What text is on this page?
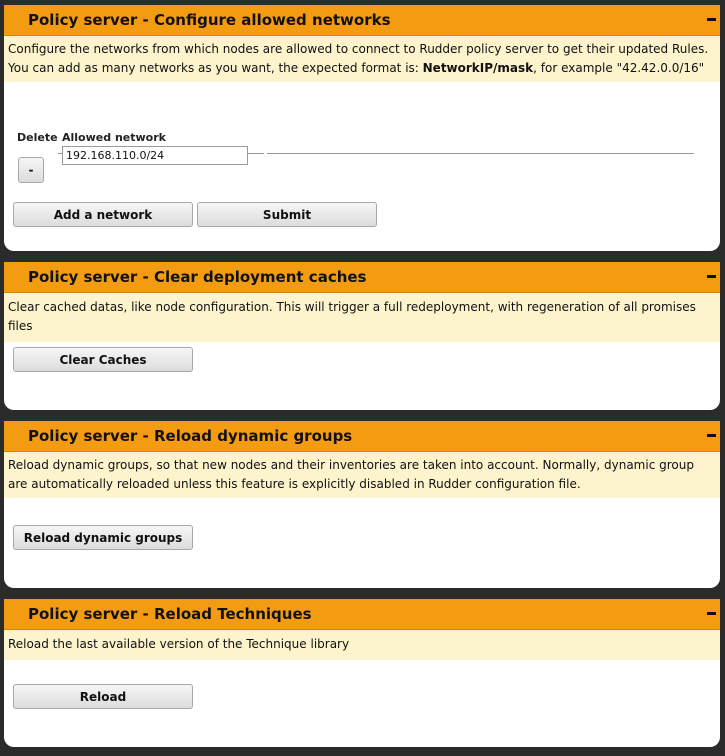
Policy server - Configure allowed networks
Configure the networks from which nodes are allowed to connect to Rudder policy server to get their updated Rules.
You can add as many networks as you want, the expected format is: NetworkIP/mask, for example "42.42.0.0/16"
Delete Allowed network
-
192.168.110.0/24
Add a network	Submit
Policy server - Clear deployment caches
Clear cached datas, like node configuration. This will trigger a full redeployment, with regeneration of all promises files
Clear Caches
Policy server - Reload dynamic groups
Reload dynamic groups, so that new nodes and their inventories are taken into account. Normally, dynamic group are automatically reloaded unless this feature is explicitly disabled in Rudder configuration file.
Reload dynamic groups
Policy server - Reload Techniques
Reload the last available version of the Technique library
Reload
